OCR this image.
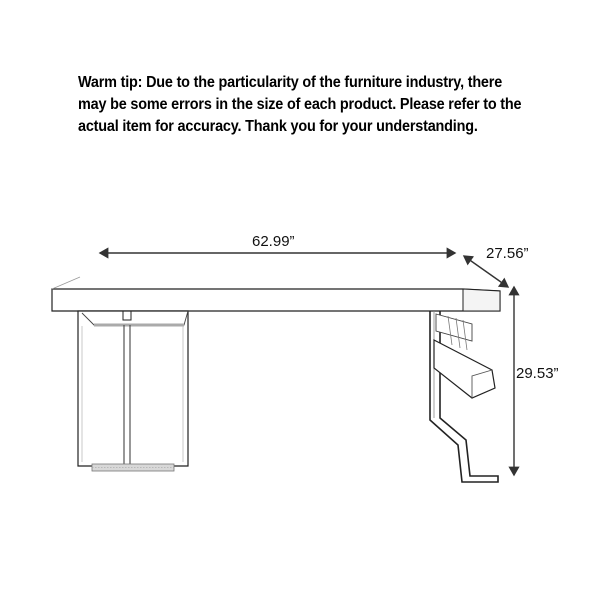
Warm tip: Due to the particularity of the furniture industry, there
may be some errors in the size of each product. Please refer to the
actual item for accuracy. Thank you for your understanding.
62.99”
27.56”
29.53”
